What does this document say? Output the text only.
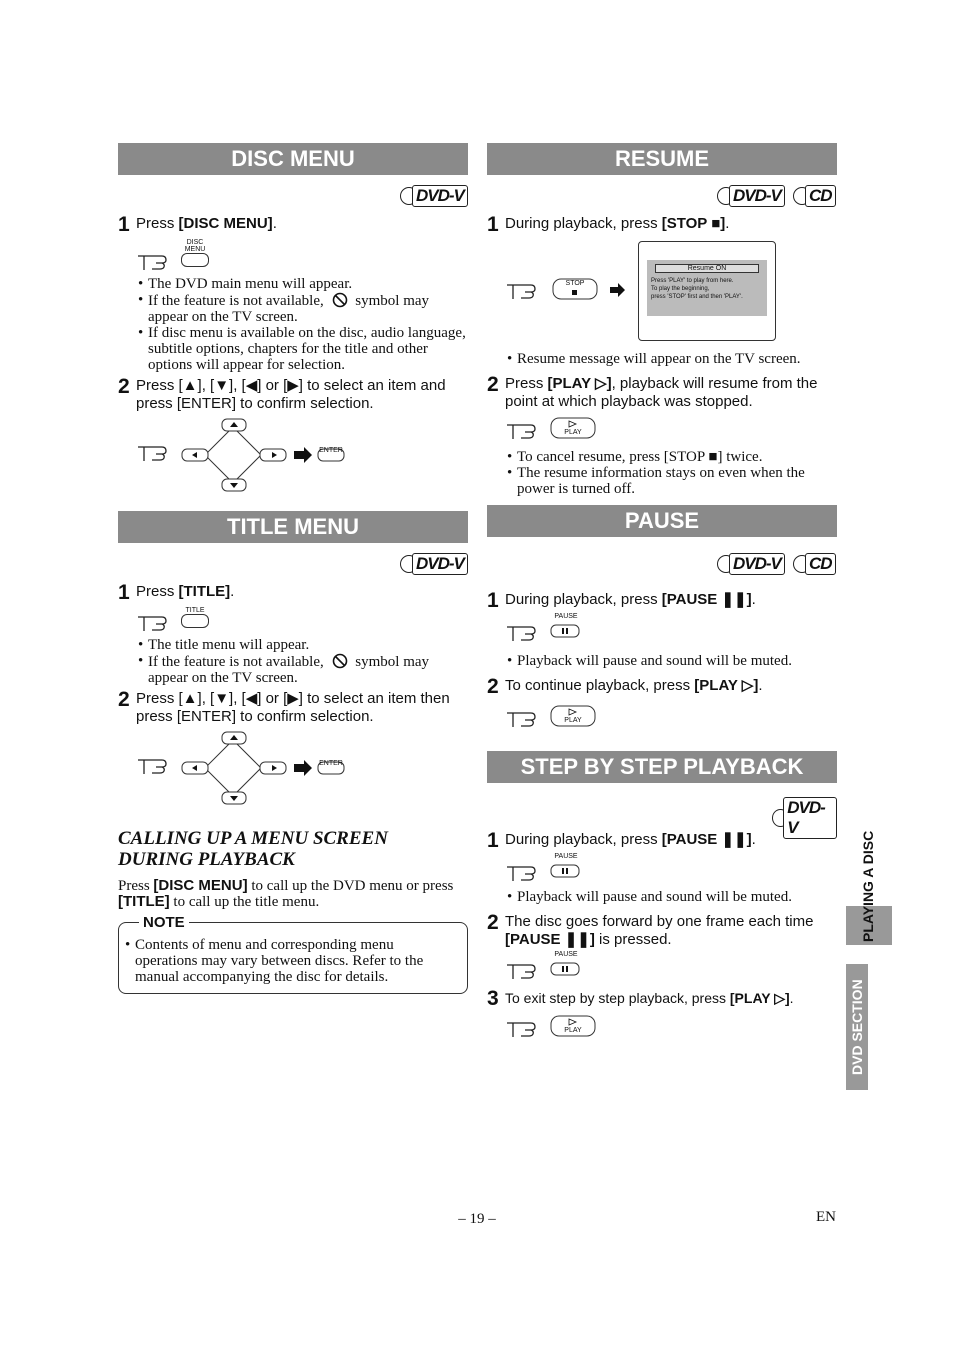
DISC MENU
DVD-V
1 Press [DISC MENU].
DISC MENU
• The DVD main menu will appear.
• If the feature is not available, symbol may appear on the TV screen.
• If disc menu is available on the disc, audio language, subtitle options, chapters for the title and other options will appear for selection.
2 Press [▲], [▼], [◀] or [▶] to select an item and press [ENTER] to confirm selection.
ENTER
TITLE MENU
DVD-V
1 Press [TITLE].
TITLE
• The title menu will appear.
• If the feature is not available, symbol may appear on the TV screen.
2 Press [▲], [▼], [◀] or [▶] to select an item then press [ENTER] to confirm selection.
ENTER
CALLING UP A MENU SCREEN
DURING PLAYBACK
Press [DISC MENU] to call up the DVD menu or press [TITLE] to call up the title menu.
NOTE
• Contents of menu and corresponding menu operations may vary between discs. Refer to the manual accompanying the disc for details.
RESUME
DVD-V CD
1 During playback, press [STOP ■].
STOP
Resume ON
Press 'PLAY' to play from here.
To play the beginning,
press 'STOP' first and then 'PLAY'.
• Resume message will appear on the TV screen.
2 Press [PLAY ▷], playback will resume from the point at which playback was stopped.
PLAY
• To cancel resume, press [STOP ■] twice.
• The resume information stays on even when the power is turned off.
PAUSE
DVD-V CD
1 During playback, press [PAUSE ❚❚].
PAUSE
• Playback will pause and sound will be muted.
2 To continue playback, press [PLAY ▷].
PLAY
STEP BY STEP PLAYBACK
DVD-V
1 During playback, press [PAUSE ❚❚].
PAUSE
• Playback will pause and sound will be muted.
2 The disc goes forward by one frame each time [PAUSE ❚❚] is pressed.
PAUSE
3 To exit step by step playback, press [PLAY ▷].
PLAY
PLAYING A DISC
DVD SECTION
– 19 –	EN
